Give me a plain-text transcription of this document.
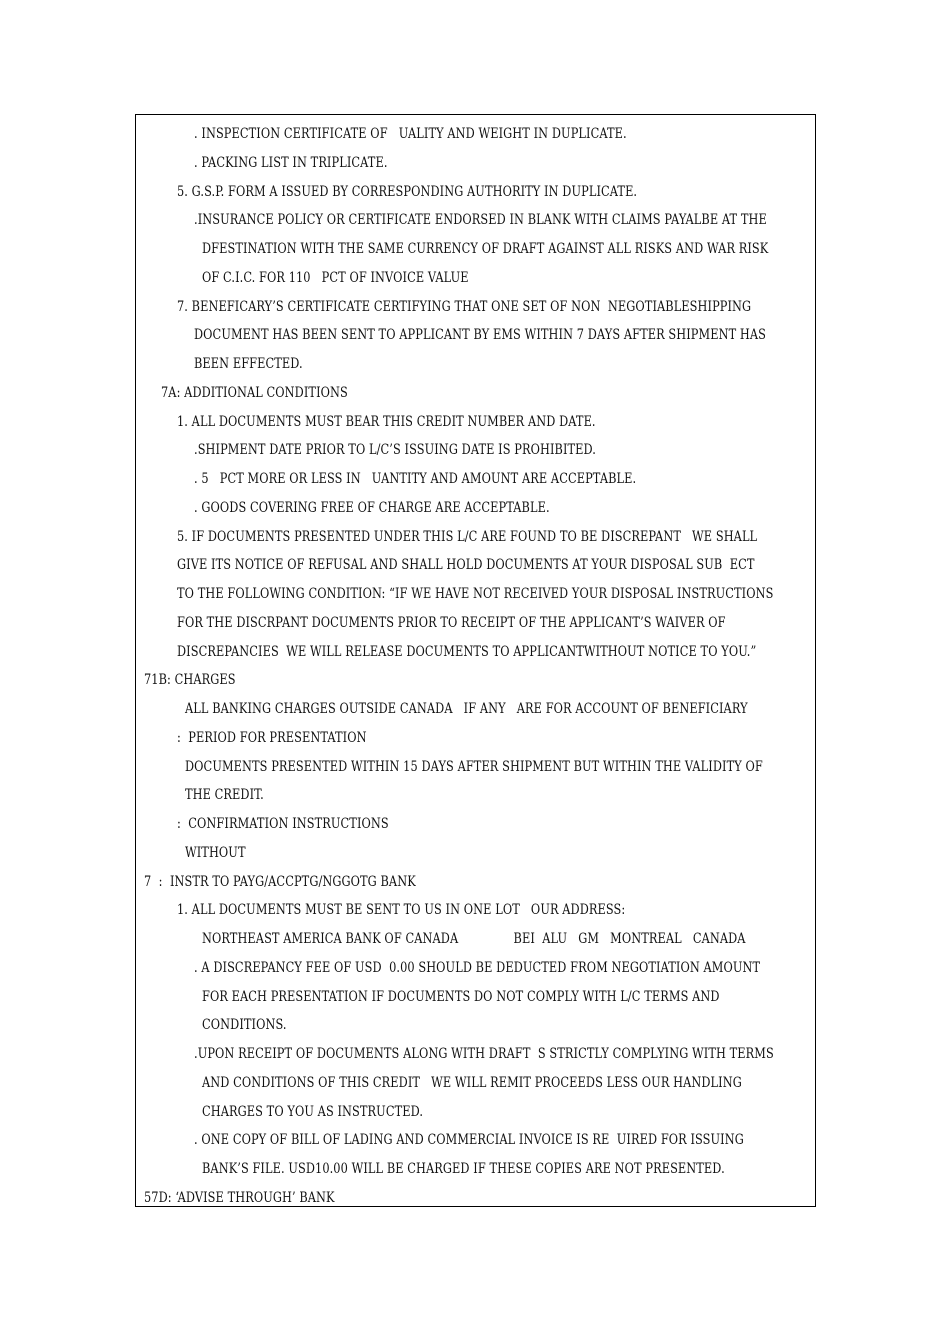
. INSPECTION CERTIFICATE OF   UALITY AND WEIGHT IN DUPLICATE.
. PACKING LIST IN TRIPLICATE.
5. G.S.P. FORM A ISSUED BY CORRESPONDING AUTHORITY IN DUPLICATE.
.INSURANCE POLICY OR CERTIFICATE ENDORSED IN BLANK WITH CLAIMS PAYALBE AT THE
DFESTINATION WITH THE SAME CURRENCY OF DRAFT AGAINST ALL RISKS AND WAR RISK
OF C.I.C. FOR 110   PCT OF INVOICE VALUE
7. BENEFICARY’S CERTIFICATE CERTIFYING THAT ONE SET OF NON  NEGOTIABLESHIPPING
DOCUMENT HAS BEEN SENT TO APPLICANT BY EMS WITHIN 7 DAYS AFTER SHIPMENT HAS
BEEN EFFECTED.
7A: ADDITIONAL CONDITIONS
1. ALL DOCUMENTS MUST BEAR THIS CREDIT NUMBER AND DATE.
.SHIPMENT DATE PRIOR TO L/C’S ISSUING DATE IS PROHIBITED.
. 5   PCT MORE OR LESS IN   UANTITY AND AMOUNT ARE ACCEPTABLE.
. GOODS COVERING FREE OF CHARGE ARE ACCEPTABLE.
5. IF DOCUMENTS PRESENTED UNDER THIS L/C ARE FOUND TO BE DISCREPANT   WE SHALL
GIVE ITS NOTICE OF REFUSAL AND SHALL HOLD DOCUMENTS AT YOUR DISPOSAL SUB  ECT
TO THE FOLLOWING CONDITION: “IF WE HAVE NOT RECEIVED YOUR DISPOSAL INSTRUCTIONS
FOR THE DISCRPANT DOCUMENTS PRIOR TO RECEIPT OF THE APPLICANT’S WAIVER OF
DISCREPANCIES  WE WILL RELEASE DOCUMENTS TO APPLICANTWITHOUT NOTICE TO YOU.”
71B: CHARGES
ALL BANKING CHARGES OUTSIDE CANADA   IF ANY   ARE FOR ACCOUNT OF BENEFICIARY
:  PERIOD FOR PRESENTATION
DOCUMENTS PRESENTED WITHIN 15 DAYS AFTER SHIPMENT BUT WITHIN THE VALIDITY OF
THE CREDIT.
:  CONFIRMATION INSTRUCTIONS
WITHOUT
7  :  INSTR TO PAYG/ACCPTG/NGGOTG BANK
1. ALL DOCUMENTS MUST BE SENT TO US IN ONE LOT   OUR ADDRESS:
NORTHEAST AMERICA BANK OF CANADA               BEI  ALU   GM   MONTREAL   CANADA
. A DISCREPANCY FEE OF USD  0.00 SHOULD BE DEDUCTED FROM NEGOTIATION AMOUNT
FOR EACH PRESENTATION IF DOCUMENTS DO NOT COMPLY WITH L/C TERMS AND
CONDITIONS.
.UPON RECEIPT OF DOCUMENTS ALONG WITH DRAFT  S STRICTLY COMPLYING WITH TERMS
AND CONDITIONS OF THIS CREDIT   WE WILL REMIT PROCEEDS LESS OUR HANDLING
CHARGES TO YOU AS INSTRUCTED.
. ONE COPY OF BILL OF LADING AND COMMERCIAL INVOICE IS RE  UIRED FOR ISSUING
BANK’S FILE. USD10.00 WILL BE CHARGED IF THESE COPIES ARE NOT PRESENTED.
57D: ‘ADVISE THROUGH’ BANK
